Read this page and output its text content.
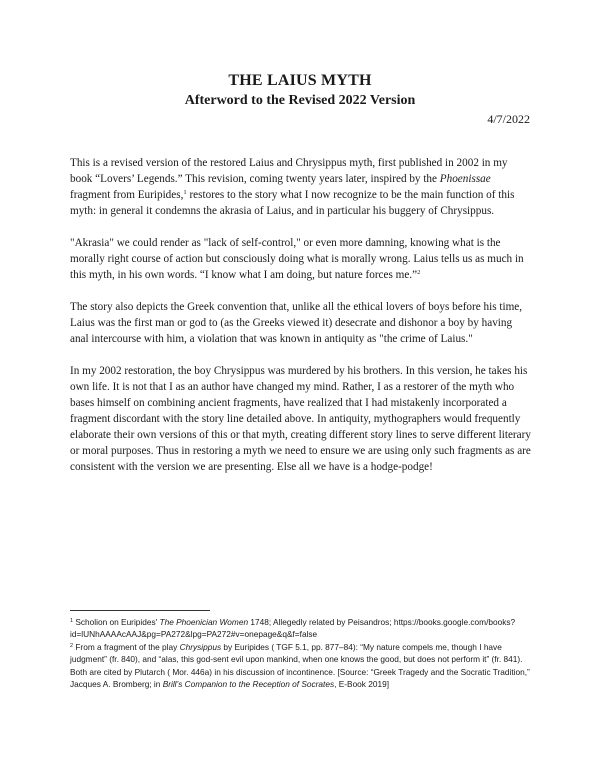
THE LAIUS MYTH
Afterword to the Revised 2022 Version
4/7/2022

This is a revised version of the restored Laius and Chrysippus myth, first published in 2002 in my book “Lovers’ Legends.” This revision, coming twenty years later, inspired by the Phoenissae fragment from Euripides,$^1$ restores to the story what I now recognize to be the main function of this myth: in general it condemns the akrasia of Laius, and in particular his buggery of Chrysippus.

"Akrasia" we could render as "lack of self-control," or even more damning, knowing what is the morally right course of action but consciously doing what is morally wrong. Laius tells us as much in this myth, in his own words. “I know what I am doing, but nature forces me.”$^2$

The story also depicts the Greek convention that, unlike all the ethical lovers of boys before his time, Laius was the first man or god to (as the Greeks viewed it) desecrate and dishonor a boy by having anal intercourse with him, a violation that was known in antiquity as "the crime of Laius."

In my 2002 restoration, the boy Chrysippus was murdered by his brothers. In this version, he takes his own life. It is not that I as an author have changed my mind. Rather, I as a restorer of the myth who bases himself on combining ancient fragments, have realized that I had mistakenly incorporated a fragment discordant with the story line detailed above. In antiquity, mythographers would frequently elaborate their own versions of this or that myth, creating different story lines to serve different literary or moral purposes. Thus in restoring a myth we need to ensure we are using only such fragments as are consistent with the version we are presenting. Else all we have is a hodge-podge!

$^1$ Scholion on Euripides' The Phoenician Women 1748; Allegedly related by Peisandros; https://books.google.com/books?id=lUNhAAAAcAAJ&pg=PA272&lpg=PA272#v=onepage&q&f=false

$^2$ From a fragment of the play Chrysippus by Euripides ( TGF 5.1, pp. 877–84): “My nature compels me, though I have judgment” (fr. 840), and “alas, this god-sent evil upon mankind, when one knows the good, but does not perform it” (fr. 841). Both are cited by Plutarch ( Mor. 446a) in his discussion of incontinence. [Source: “Greek Tragedy and the Socratic Tradition,” Jacques A. Bromberg; in Brill’s Companion to the Reception of Socrates, E-Book 2019]
